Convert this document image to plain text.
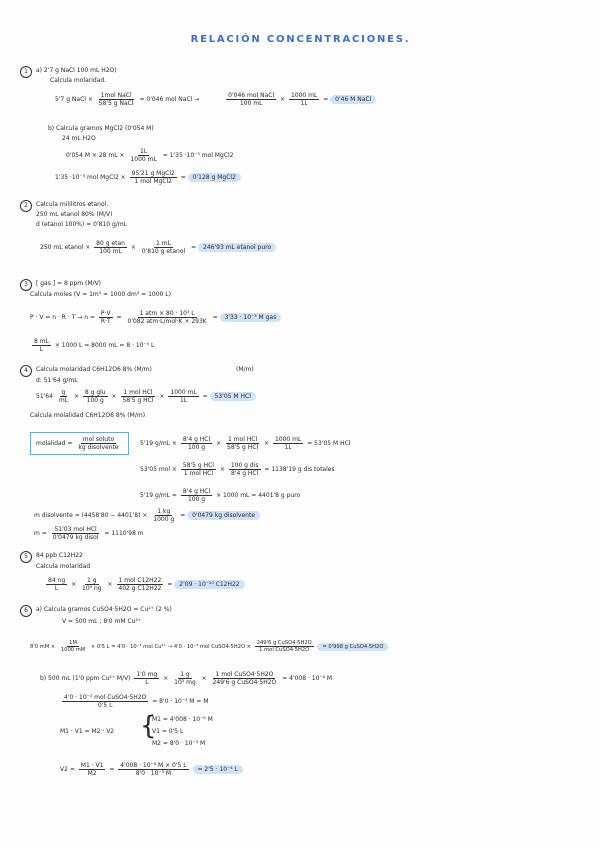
RELACIÓN CONCENTRACIONES.
1	a) 2'7 g NaCl 100 mL H2O)
Calcula molaridad.
5'7 g NaCl × $\frac{\text{1mol NaCl}}{\text{58'5 g NaCl}} = 0'046$ mol NaCl →	$\frac{\text{0'046 mol NaCl}}{100 mL} \times \frac{1000 mL}{1L} = 0'46$ M NaCl
b) Calcula gramos MgCl2 (0'054 M)
24 mL H2O
0'054 M × 28 mL × $\frac{1L}{1000 mL} = 1'35 \cdot 10^{-3}$ mol MgCl2
1'35 ·10⁻³ mol MgCl2 × $\frac{\text{95'21 g MgCl2}}{\text{1 mol MgCl2}} = 0'128$ g MgCl2
2	Calcula mililitros etanol.
250 mL etanol 80% (M/V)
d (etanol 100%) = 0'810 g/mL
250 mL etanol × $\frac{\text{80 g etan}}{100 mL} \times \frac{1 mL}{\text{0'810 g etanol}} = 246'93$ mL etanol puro
3	[ gas ] = 8 ppm (M/V)
Calcula moles (V = 1m³ = 1000 dm³ = 1000 L)
$P \cdot V = n \cdot R \cdot T \to n = \frac{P\cdot V}{R\cdot T} = \frac{\text{1 atm × 80 · 10³ L}}{\text{0'082 atm·L/mol·K × 293K}} = 3'33 \cdot 10^{-3}$ M gas
$\frac{8 mL}{L} \times 1000$ L = 8000 mL = 8 · 10⁻³ L
4	Calcula molaridad C6H12O6 8% (M/m)	(M/m)
d: 51'64 g/mL
$51'64 \frac{g}{mL} \times \frac{\text{8 g glu}}{100 g} \times \frac{\text{1 mol HCl}}{\text{58'5 g HCl}} \times \frac{1000 mL}{1L} = 53'05$ M HCl
Calcula molalidad C6H12O6 8% (M/m)
molalidad = $\frac{\text{mol soluto}}{\text{kg disolvente}}$	5'19 $g/mL \times \frac{\text{8'4 g HCl}}{100 g} \times \frac{\text{1 mol HCl}}{\text{58'5 g HCl}} \times \frac{1000 mL}{1L} = 53'05$ M HCl
53'05 mol × $\frac{\text{58'5 g HCl}}{\text{1 mol HCl}} \times \frac{\text{100 g dis}}{\text{8'4 g HCl}} = 1138'19$ g dis totales
5'19 $g/mL = \frac{\text{8'4 g HCl}}{100 g} \times 1000$ mL = 4401'8 g puro
m disolvente = $(4458'80 - 4401'8) \times \frac{1 kg}{1000 g} = 0'0479$ kg disolvente
$m = \frac{\text{51'03 mol HCl}}{\text{0'0479 kg disol}} = 1110'98$ m
5	84 ppb C12H22
Calcula molaridad
$\frac{84 ng}{L} \times \frac{1 g}{\text{10⁹ ng}} \times \frac{\text{1 mol C12H22}}{\text{402 g C12H22}} = 2'09 \cdot 10^{-10}$ C12H22
6	a) Calcula gramos CuSO4·5H2O = Cu²⁺ (2 %)
V = 500 mL ; 8'0 mM Cu²⁺
8'0 mM × $\frac{1M}{1000 mM} \times 0'5$ L = 4'0 · 10⁻³ mol Cu²⁺ → 4'0 · 10⁻³ mol CuSO4·5H2O × $\frac{\text{249'6 g CuSO4·5H2O}}{\text{1 mol CuSO4·5H2O}} = 0'998$ g CuSO4·5H2O
b) 500 mL (1'0 ppm Cu²⁺ $M/V) \frac{1'0 mg}{L} \times \frac{1 g}{\text{10³ mg}} \times \frac{\text{1 mol CuSO4·5H2O}}{\text{249'6 g CuSO4·5H2O}} = 4'008 \cdot 10^{-6}$ M
$\frac{\text{4'0 · 10⁻³ mol CuSO4·5H2O}}{0'5 L} = 8'0 \cdot 10^{-3}$ M = M
M1 · V1 = M2 · V2 {
M1 = 4'008 · 10⁻⁶ M
V1 = 0'5 L
M2 = 8'0 · 10⁻³ M
$V2 = \frac{M1 \cdot V1}{M2} = \frac{\text{4'008 · 10⁻⁶ M × 0'5 L}}{\text{8'0 · 10⁻³ M}} = 2'5 \cdot 10^{-4}$ L
